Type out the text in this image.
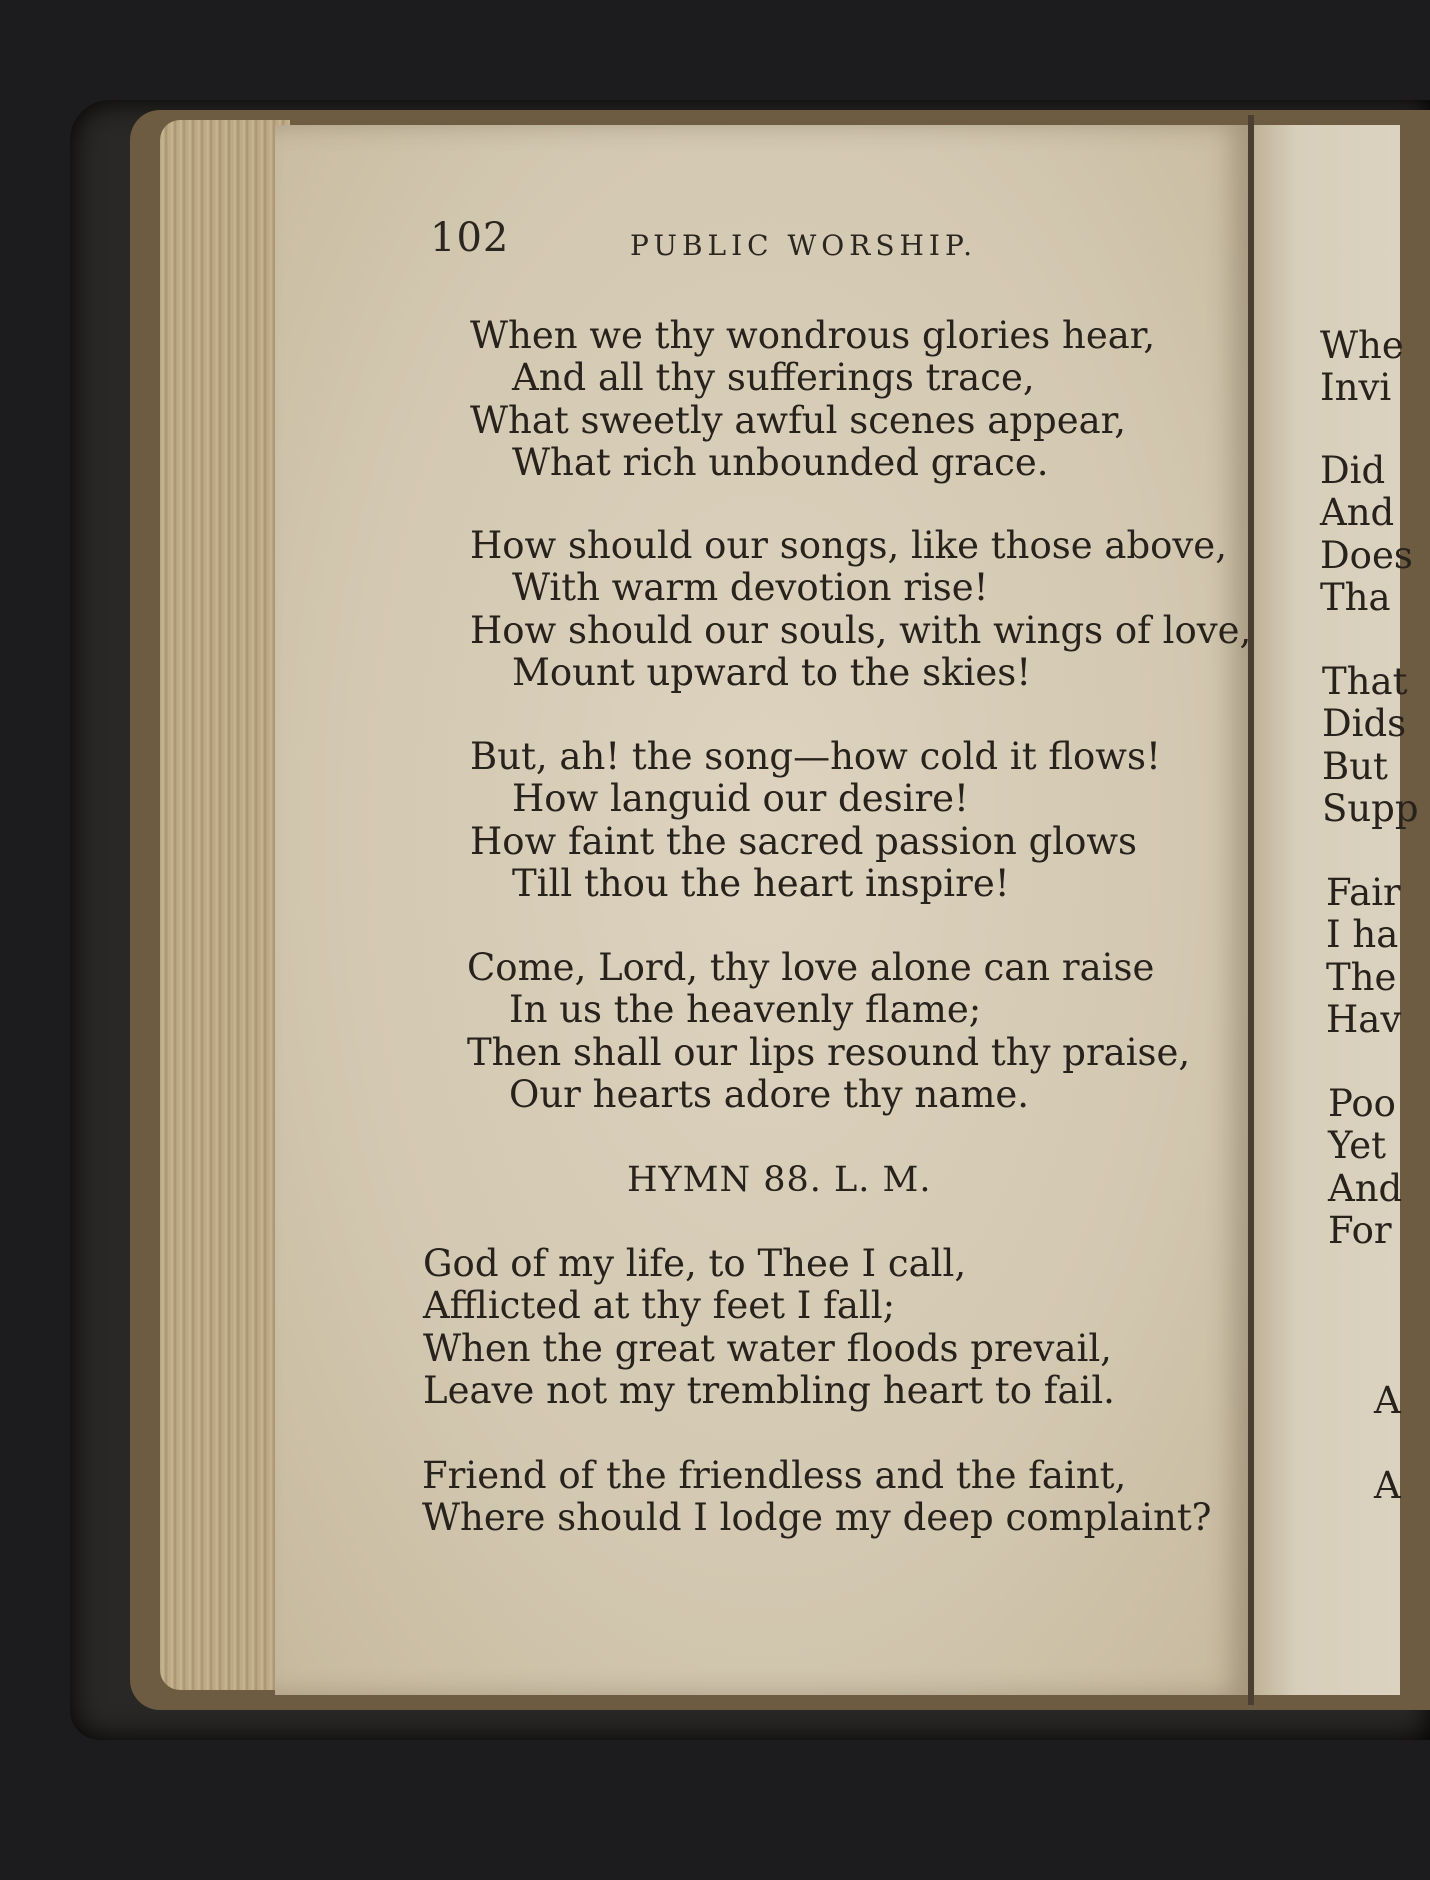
102	PUBLIC WORSHIP.
When we thy wondrous glories hear,
And all thy sufferings trace,
What sweetly awful scenes appear,
What rich unbounded grace.
How should our songs, like those above,
With warm devotion rise!
How should our souls, with wings of love,
Mount upward to the skies!
But, ah! the song—how cold it flows!
How languid our desire!
How faint the sacred passion glows
Till thou the heart inspire!
Come, Lord, thy love alone can raise
In us the heavenly flame;
Then shall our lips resound thy praise,
Our hearts adore thy name.
HYMN 88. L. M.
God of my life, to Thee I call,
Afflicted at thy feet I fall;
When the great water floods prevail,
Leave not my trembling heart to fail.
Friend of the friendless and the faint,
Where should I lodge my deep complaint?
Whe
Invi
Did
And
Does
Tha
That
Dids
But
Supp
Fair
I ha
The
Hav
Poo
Yet
And
For
A
A
